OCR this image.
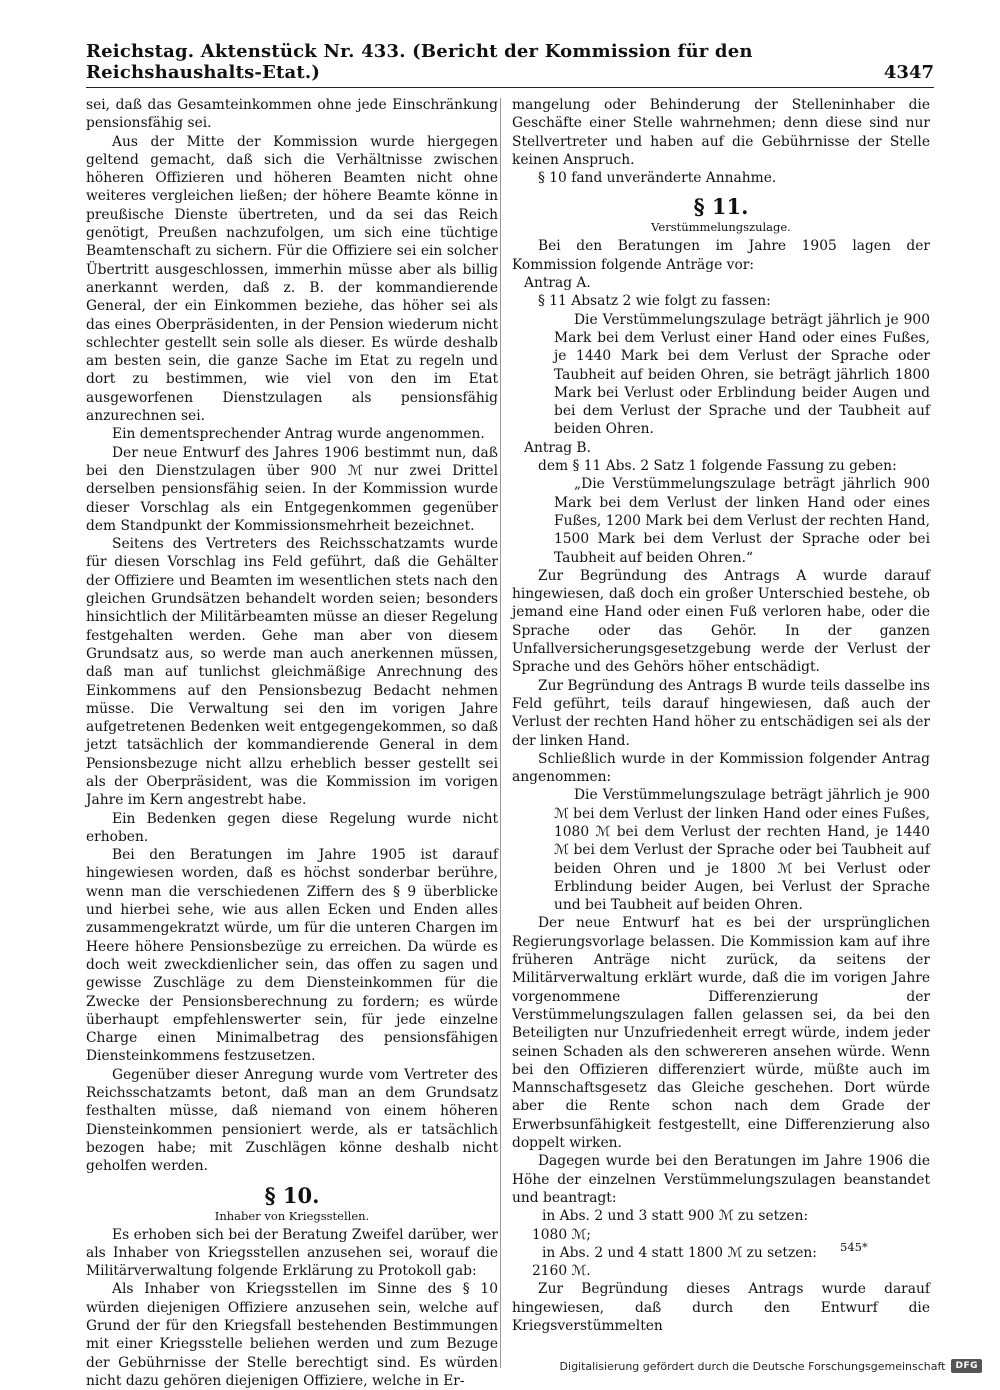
Reichstag. Aktenstück Nr. 433. (Bericht der Kommission für den Reichshaushalts-Etat.)	4347

sei, daß das Gesamteinkommen ohne jede Einschränkung pensionsfähig sei.

Aus der Mitte der Kommission wurde hiergegen geltend gemacht, daß sich die Verhältnisse zwischen höheren Offizieren und höheren Beamten nicht ohne weiteres vergleichen ließen; der höhere Beamte könne in preußische Dienste übertreten, und da sei das Reich genötigt, Preußen nachzufolgen, um sich eine tüchtige Beamtenschaft zu sichern. Für die Offiziere sei ein solcher Übertritt ausgeschlossen, immerhin müsse aber als billig anerkannt werden, daß z. B. der kommandierende General, der ein Einkommen beziehe, das höher sei als das eines Oberpräsidenten, in der Pension wiederum nicht schlechter gestellt sein solle als dieser. Es würde deshalb am besten sein, die ganze Sache im Etat zu regeln und dort zu bestimmen, wie viel von den im Etat ausgeworfenen Dienstzulagen als pensionsfähig anzurechnen sei.

Ein dementsprechender Antrag wurde angenommen.

Der neue Entwurf des Jahres 1906 bestimmt nun, daß bei den Dienstzulagen über 900 ℳ nur zwei Drittel derselben pensionsfähig seien. In der Kommission wurde dieser Vorschlag als ein Entgegenkommen gegenüber dem Standpunkt der Kommissionsmehrheit bezeichnet.

Seitens des Vertreters des Reichsschatzamts wurde für diesen Vorschlag ins Feld geführt, daß die Gehälter der Offiziere und Beamten im wesentlichen stets nach den gleichen Grundsätzen behandelt worden seien; besonders hinsichtlich der Militärbeamten müsse an dieser Regelung festgehalten werden. Gehe man aber von diesem Grundsatz aus, so werde man auch anerkennen müssen, daß man auf tunlichst gleichmäßige Anrechnung des Einkommens auf den Pensionsbezug Bedacht nehmen müsse. Die Verwaltung sei den im vorigen Jahre aufgetretenen Bedenken weit entgegengekommen, so daß jetzt tatsächlich der kommandierende General in dem Pensionsbezuge nicht allzu erheblich besser gestellt sei als der Oberpräsident, was die Kommission im vorigen Jahre im Kern angestrebt habe.

Ein Bedenken gegen diese Regelung wurde nicht erhoben.

Bei den Beratungen im Jahre 1905 ist darauf hingewiesen worden, daß es höchst sonderbar berühre, wenn man die verschiedenen Ziffern des § 9 überblicke und hierbei sehe, wie aus allen Ecken und Enden alles zusammengekratzt würde, um für die unteren Chargen im Heere höhere Pensionsbezüge zu erreichen. Da würde es doch weit zweckdienlicher sein, das offen zu sagen und gewisse Zuschläge zu dem Diensteinkommen für die Zwecke der Pensionsberechnung zu fordern; es würde überhaupt empfehlenswerter sein, für jede einzelne Charge einen Minimalbetrag des pensionsfähigen Diensteinkommens festzusetzen.

Gegenüber dieser Anregung wurde vom Vertreter des Reichsschatzamts betont, daß man an dem Grundsatz festhalten müsse, daß niemand von einem höheren Diensteinkommen pensioniert werde, als er tatsächlich bezogen habe; mit Zuschlägen könne deshalb nicht geholfen werden.

§ 10.
Inhaber von Kriegsstellen.

Es erhoben sich bei der Beratung Zweifel darüber, wer als Inhaber von Kriegsstellen anzusehen sei, worauf die Militärverwaltung folgende Erklärung zu Protokoll gab:

Als Inhaber von Kriegsstellen im Sinne des § 10 würden diejenigen Offiziere anzusehen sein, welche auf Grund der für den Kriegsfall bestehenden Bestimmungen mit einer Kriegsstelle beliehen werden und zum Bezuge der Gebührnisse der Stelle berechtigt sind. Es würden nicht dazu gehören diejenigen Offiziere, welche in Er-

mangelung oder Behinderung der Stelleninhaber die Geschäfte einer Stelle wahrnehmen; denn diese sind nur Stellvertreter und haben auf die Gebührnisse der Stelle keinen Anspruch.

§ 10 fand unveränderte Annahme.

§ 11.
Verstümmelungszulage.

Bei den Beratungen im Jahre 1905 lagen der Kommission folgende Anträge vor:

Antrag A.

§ 11 Absatz 2 wie folgt zu fassen:

Die Verstümmelungszulage beträgt jährlich je 900 Mark bei dem Verlust einer Hand oder eines Fußes, je 1440 Mark bei dem Verlust der Sprache oder Taubheit auf beiden Ohren, sie beträgt jährlich 1800 Mark bei Verlust oder Erblindung beider Augen und bei dem Verlust der Sprache und der Taubheit auf beiden Ohren.

Antrag B.

dem § 11 Abs. 2 Satz 1 folgende Fassung zu geben:

„Die Verstümmelungszulage beträgt jährlich 900 Mark bei dem Verlust der linken Hand oder eines Fußes, 1200 Mark bei dem Verlust der rechten Hand, 1500 Mark bei dem Verlust der Sprache oder bei Taubheit auf beiden Ohren.“

Zur Begründung des Antrags A wurde darauf hingewiesen, daß doch ein großer Unterschied bestehe, ob jemand eine Hand oder einen Fuß verloren habe, oder die Sprache oder das Gehör. In der ganzen Unfallversicherungsgesetzgebung werde der Verlust der Sprache und des Gehörs höher entschädigt.

Zur Begründung des Antrags B wurde teils dasselbe ins Feld geführt, teils darauf hingewiesen, daß auch der Verlust der rechten Hand höher zu entschädigen sei als der der linken Hand.

Schließlich wurde in der Kommission folgender Antrag angenommen:

Die Verstümmelungszulage beträgt jährlich je 900 ℳ bei dem Verlust der linken Hand oder eines Fußes, 1080 ℳ bei dem Verlust der rechten Hand, je 1440 ℳ bei dem Verlust der Sprache oder bei Taubheit auf beiden Ohren und je 1800 ℳ bei Verlust oder Erblindung beider Augen, bei Verlust der Sprache und bei Taubheit auf beiden Ohren.

Der neue Entwurf hat es bei der ursprünglichen Regierungsvorlage belassen. Die Kommission kam auf ihre früheren Anträge nicht zurück, da seitens der Militärverwaltung erklärt wurde, daß die im vorigen Jahre vorgenommene Differenzierung der Verstümmelungszulagen fallen gelassen sei, da bei den Beteiligten nur Unzufriedenheit erregt würde, indem jeder seinen Schaden als den schwereren ansehen würde. Wenn bei den Offizieren differenziert würde, müßte auch im Mannschaftsgesetz das Gleiche geschehen. Dort würde aber die Rente schon nach dem Grade der Erwerbsunfähigkeit festgestellt, eine Differenzierung also doppelt wirken.

Dagegen wurde bei den Beratungen im Jahre 1906 die Höhe der einzelnen Verstümmelungszulagen beanstandet und beantragt:

in Abs. 2 und 3 statt 900 ℳ zu setzen:

1080 ℳ;

in Abs. 2 und 4 statt 1800 ℳ zu setzen:

2160 ℳ.

Zur Begründung dieses Antrags wurde darauf hingewiesen, daß durch den Entwurf die Kriegsverstümmelten

545*
Digitalisierung gefördert durch die Deutsche Forschungsgemeinschaft	DFG
